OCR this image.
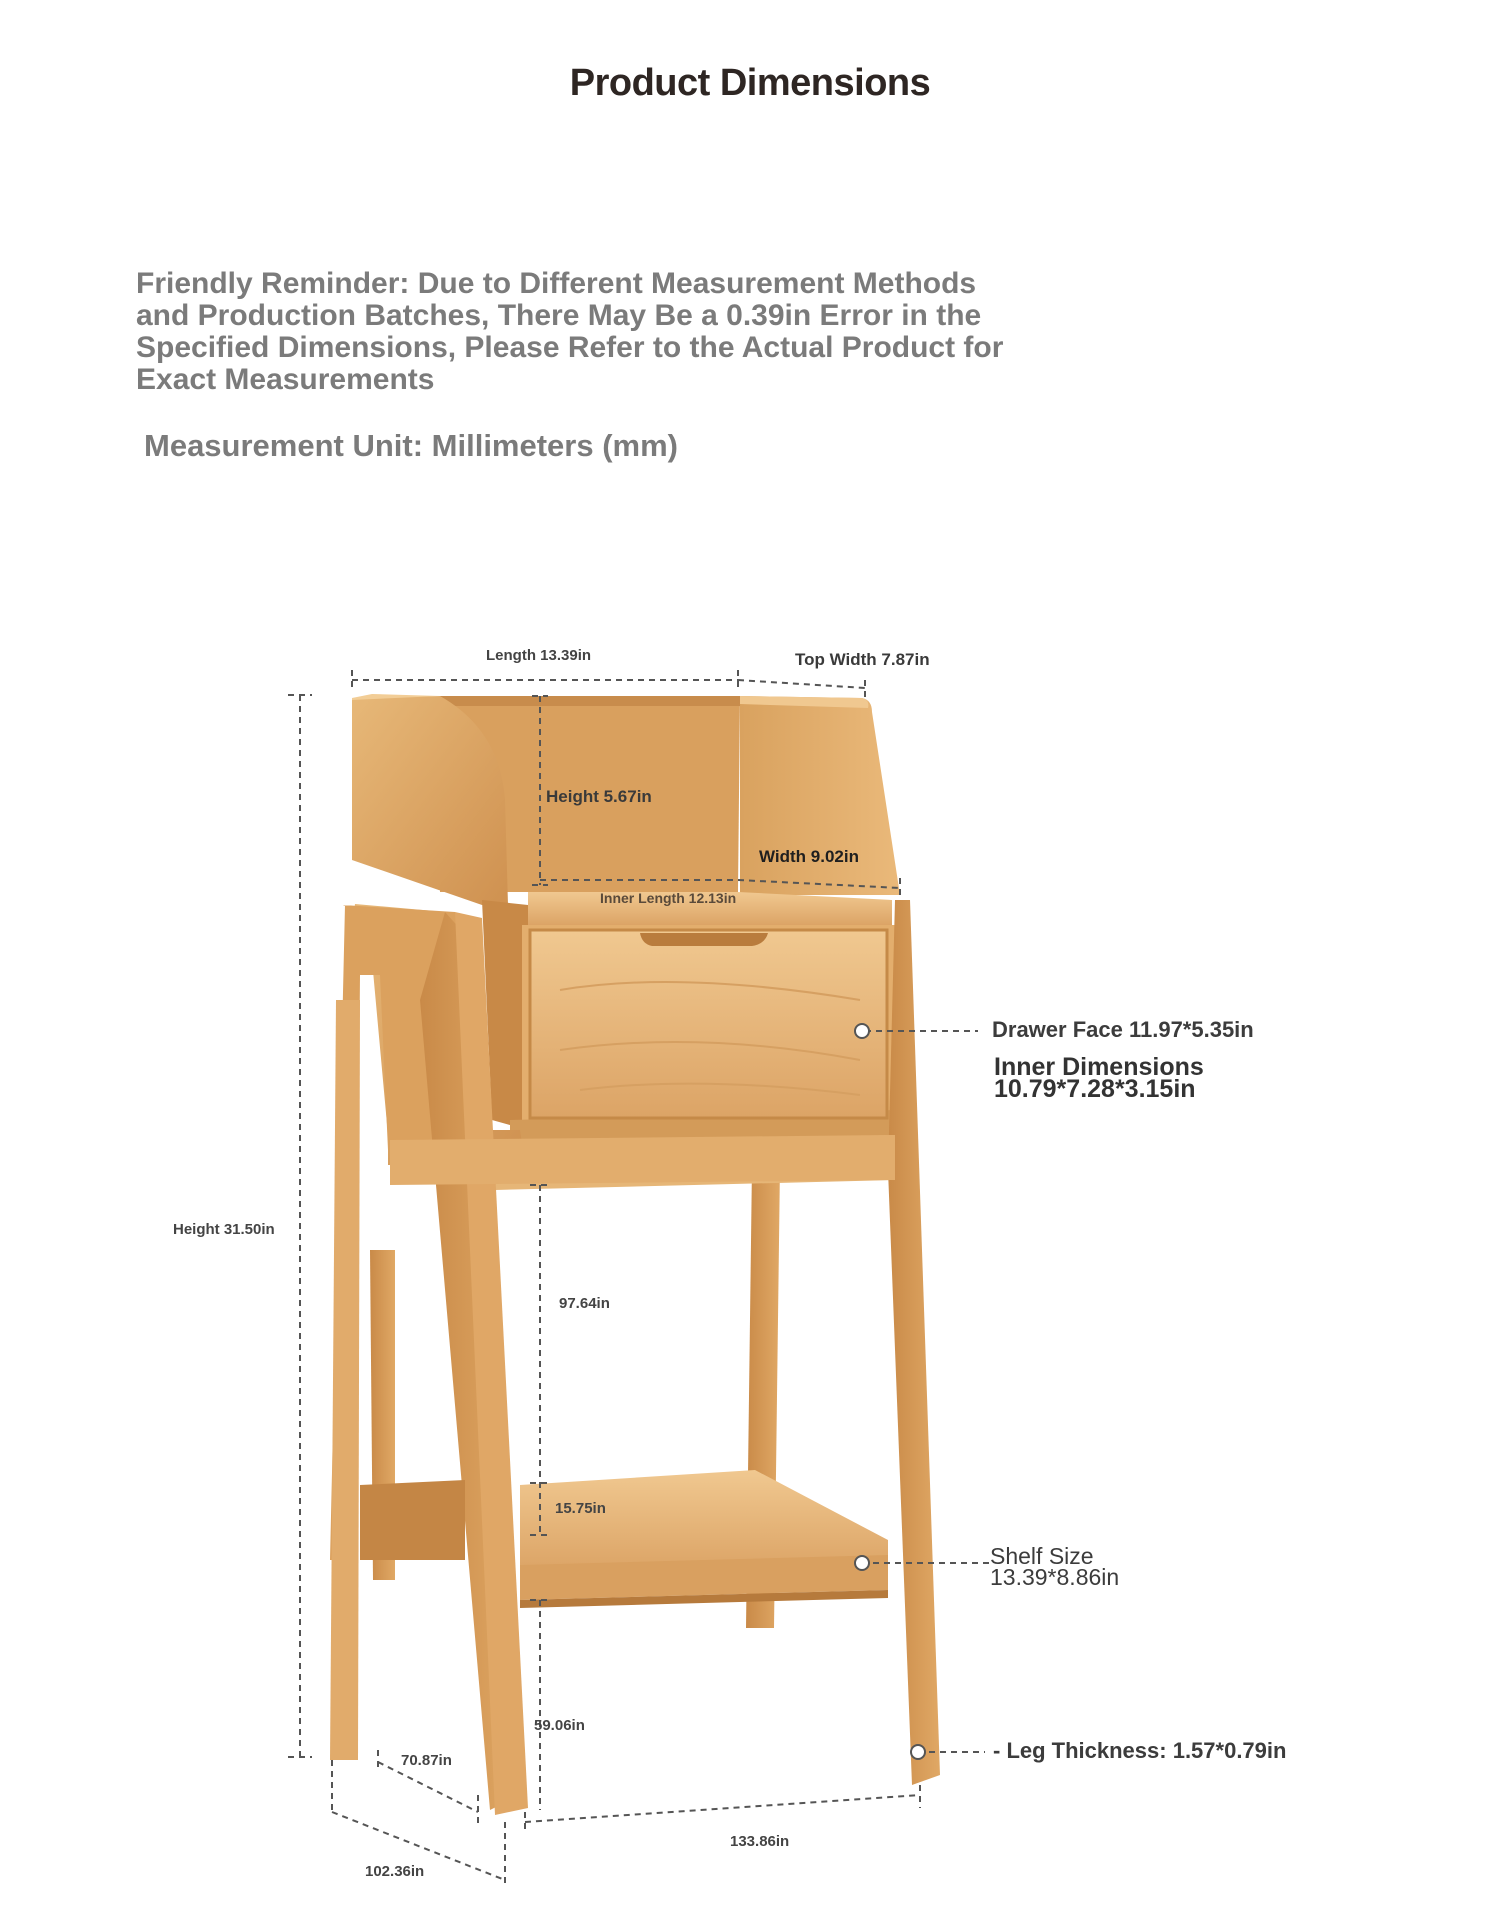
Product Dimensions
Friendly Reminder: Due to Different Measurement Methods and Production Batches, There May Be a 0.39in Error in the Specified Dimensions, Please Refer to the Actual Product for Exact Measurements
Measurement Unit: Millimeters (mm)
Length 13.39in	Top Width 7.87in
Height 5.67in
Width 9.02in
Inner Length 12.13in
Height 31.50in
97.64in
15.75in
59.06in
70.87in
102.36in
133.86in
Drawer Face 11.97*5.35in
Inner Dimensions
10.79*7.28*3.15in
Shelf Size
13.39*8.86in
- Leg Thickness: 1.57*0.79in
